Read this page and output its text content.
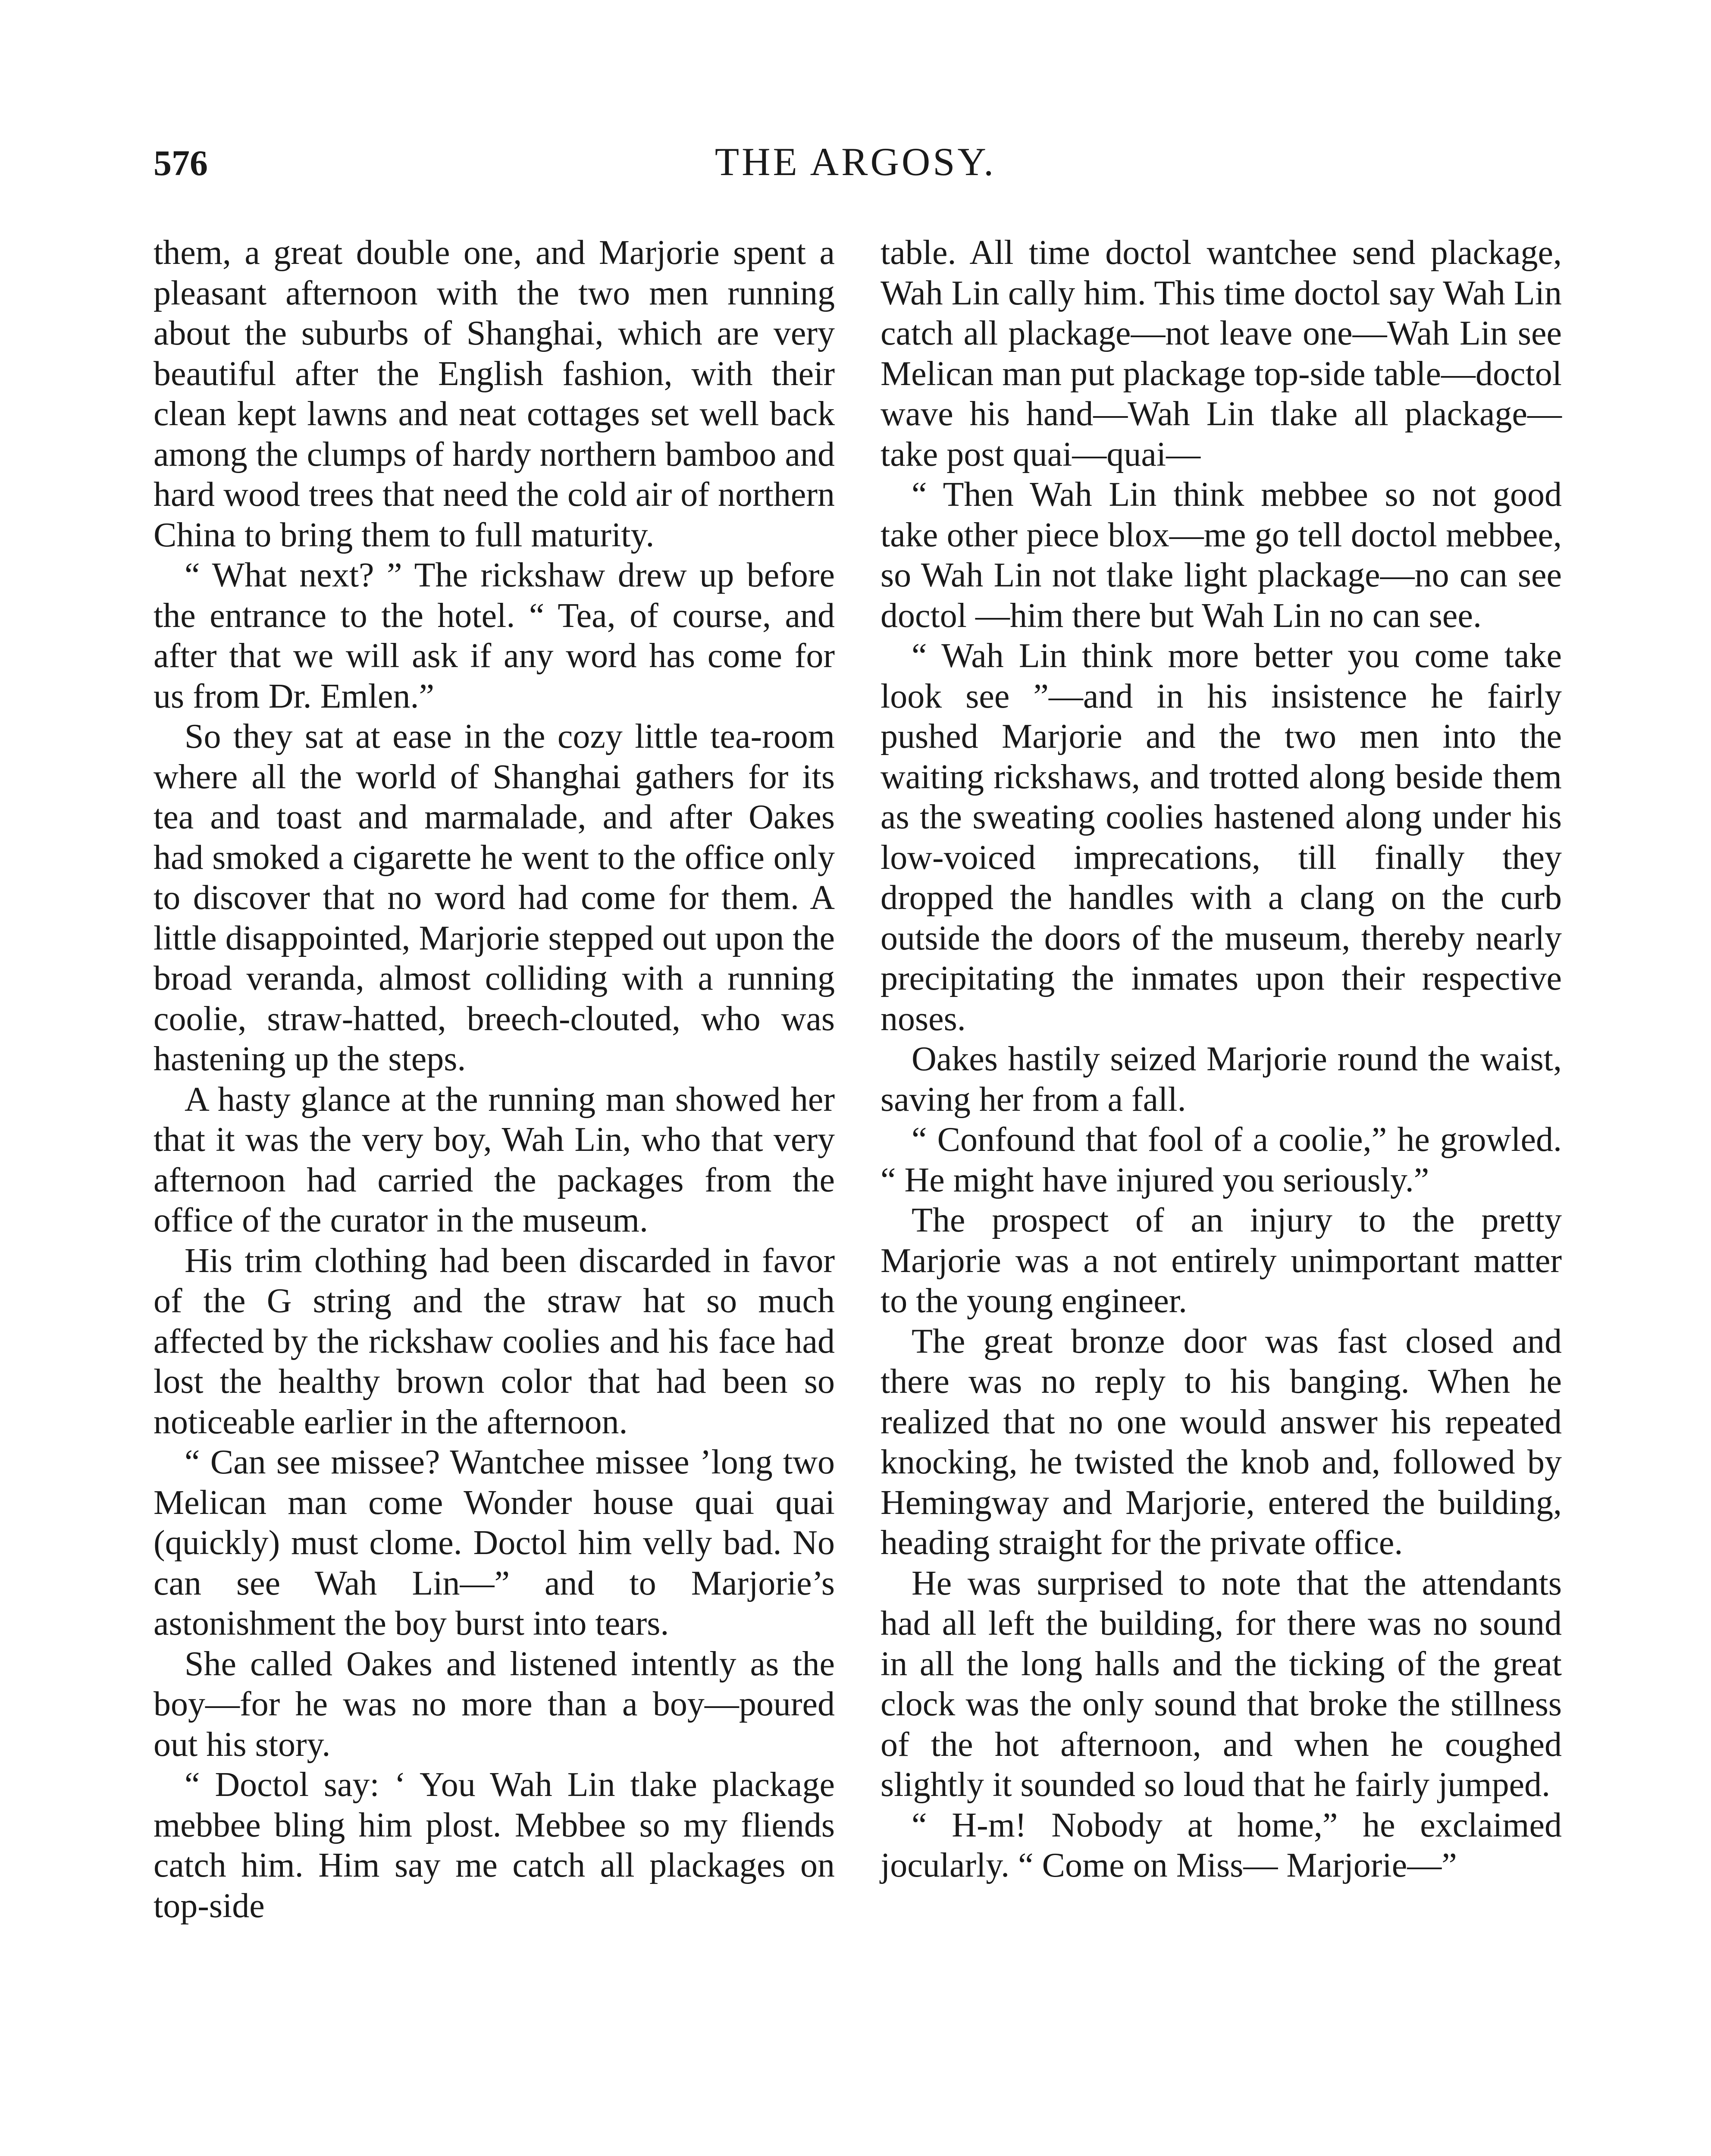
576	THE ARGOSY.

them, a great double one, and Marjorie spent a pleasant afternoon with the two men running about the suburbs of Shanghai, which are very beautiful after the English fashion, with their clean kept lawns and neat cottages set well back among the clumps of hardy northern bamboo and hard wood trees that need the cold air of northern China to bring them to full maturity.

“ What next? ” The rickshaw drew up before the entrance to the hotel. “ Tea, of course, and after that we will ask if any word has come for us from Dr. Emlen.”

So they sat at ease in the cozy little tea-room where all the world of Shanghai gathers for its tea and toast and marmalade, and after Oakes had smoked a cigarette he went to the office only to discover that no word had come for them. A little disappointed, Marjorie stepped out upon the broad veranda, almost colliding with a running coolie, straw-hatted, breech-clouted, who was hastening up the steps.

A hasty glance at the running man showed her that it was the very boy, Wah Lin, who that very afternoon had carried the packages from the office of the curator in the museum.

His trim clothing had been discarded in favor of the G string and the straw hat so much affected by the rickshaw coolies and his face had lost the healthy brown color that had been so noticeable earlier in the afternoon.

“ Can see missee? Wantchee missee ’long two Melican man come Wonder house quai quai (quickly) must clome. Doctol him velly bad. No can see Wah Lin—” and to Marjorie’s astonishment the boy burst into tears.

She called Oakes and listened intently as the boy—for he was no more than a boy—poured out his story.

“ Doctol say: ‘ You Wah Lin tlake plackage mebbee bling him plost. Mebbee so my fliends catch him. Him say me catch all plackages on top-side

table. All time doctol wantchee send plackage, Wah Lin cally him. This time doctol say Wah Lin catch all plackage—not leave one—Wah Lin see Melican man put plackage top-side table—doctol wave his hand—Wah Lin tlake all plackage—take post quai—quai—

“ Then Wah Lin think mebbee so not good take other piece blox—me go tell doctol mebbee, so Wah Lin not tlake light plackage—no can see doctol —him there but Wah Lin no can see.

“ Wah Lin think more better you come take look see ”—and in his insistence he fairly pushed Marjorie and the two men into the waiting rickshaws, and trotted along beside them as the sweating coolies hastened along under his low-voiced imprecations, till finally they dropped the handles with a clang on the curb outside the doors of the museum, thereby nearly precipitating the inmates upon their respective noses.

Oakes hastily seized Marjorie round the waist, saving her from a fall.

“ Confound that fool of a coolie,” he growled. “ He might have injured you seriously.”

The prospect of an injury to the pretty Marjorie was a not entirely unimportant matter to the young engineer.

The great bronze door was fast closed and there was no reply to his banging. When he realized that no one would answer his repeated knocking, he twisted the knob and, followed by Hemingway and Marjorie, entered the building, heading straight for the private office.

He was surprised to note that the attendants had all left the building, for there was no sound in all the long halls and the ticking of the great clock was the only sound that broke the stillness of the hot afternoon, and when he coughed slightly it sounded so loud that he fairly jumped.

“ H-m! Nobody at home,” he exclaimed jocularly. “ Come on Miss— Marjorie—”
